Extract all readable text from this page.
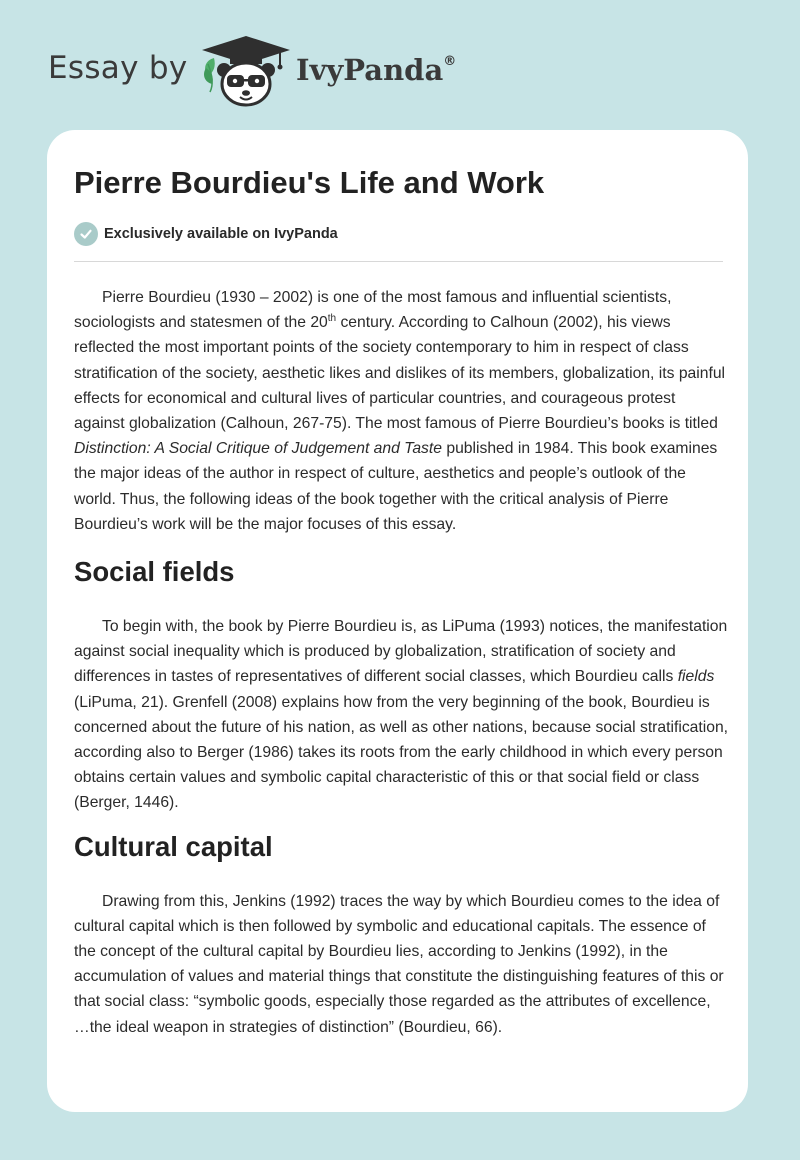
Essay by	IvyPanda®
Pierre Bourdieu's Life and Work
Exclusively available on IvyPanda

Pierre Bourdieu (1930 – 2002) is one of the most famous and influential scientists, sociologists and statesmen of the 20th century. According to Calhoun (2002), his views reflected the most important points of the society contemporary to him in respect of class stratification of the society, aesthetic likes and dislikes of its members, globalization, its painful effects for economical and cultural lives of particular countries, and courageous protest against globalization (Calhoun, 267-75). The most famous of Pierre Bourdieu’s books is titled Distinction: A Social Critique of Judgement and Taste published in 1984. This book examines the major ideas of the author in respect of culture, aesthetics and people’s outlook of the world. Thus, the following ideas of the book together with the critical analysis of Pierre Bourdieu’s work will be the major focuses of this essay.

Social fields

To begin with, the book by Pierre Bourdieu is, as LiPuma (1993) notices, the manifestation against social inequality which is produced by globalization, stratification of society and differences in tastes of representatives of different social classes, which Bourdieu calls fields (LiPuma, 21). Grenfell (2008) explains how from the very beginning of the book, Bourdieu is concerned about the future of his nation, as well as other nations, because social stratification, according also to Berger (1986) takes its roots from the early childhood in which every person obtains certain values and symbolic capital characteristic of this or that social field or class (Berger, 1446).

Cultural capital

Drawing from this, Jenkins (1992) traces the way by which Bourdieu comes to the idea of cultural capital which is then followed by symbolic and educational capitals. The essence of the concept of the cultural capital by Bourdieu lies, according to Jenkins (1992), in the accumulation of values and material things that constitute the distinguishing features of this or that social class: “symbolic goods, especially those regarded as the attributes of excellence, …the ideal weapon in strategies of distinction” (Bourdieu, 66).
